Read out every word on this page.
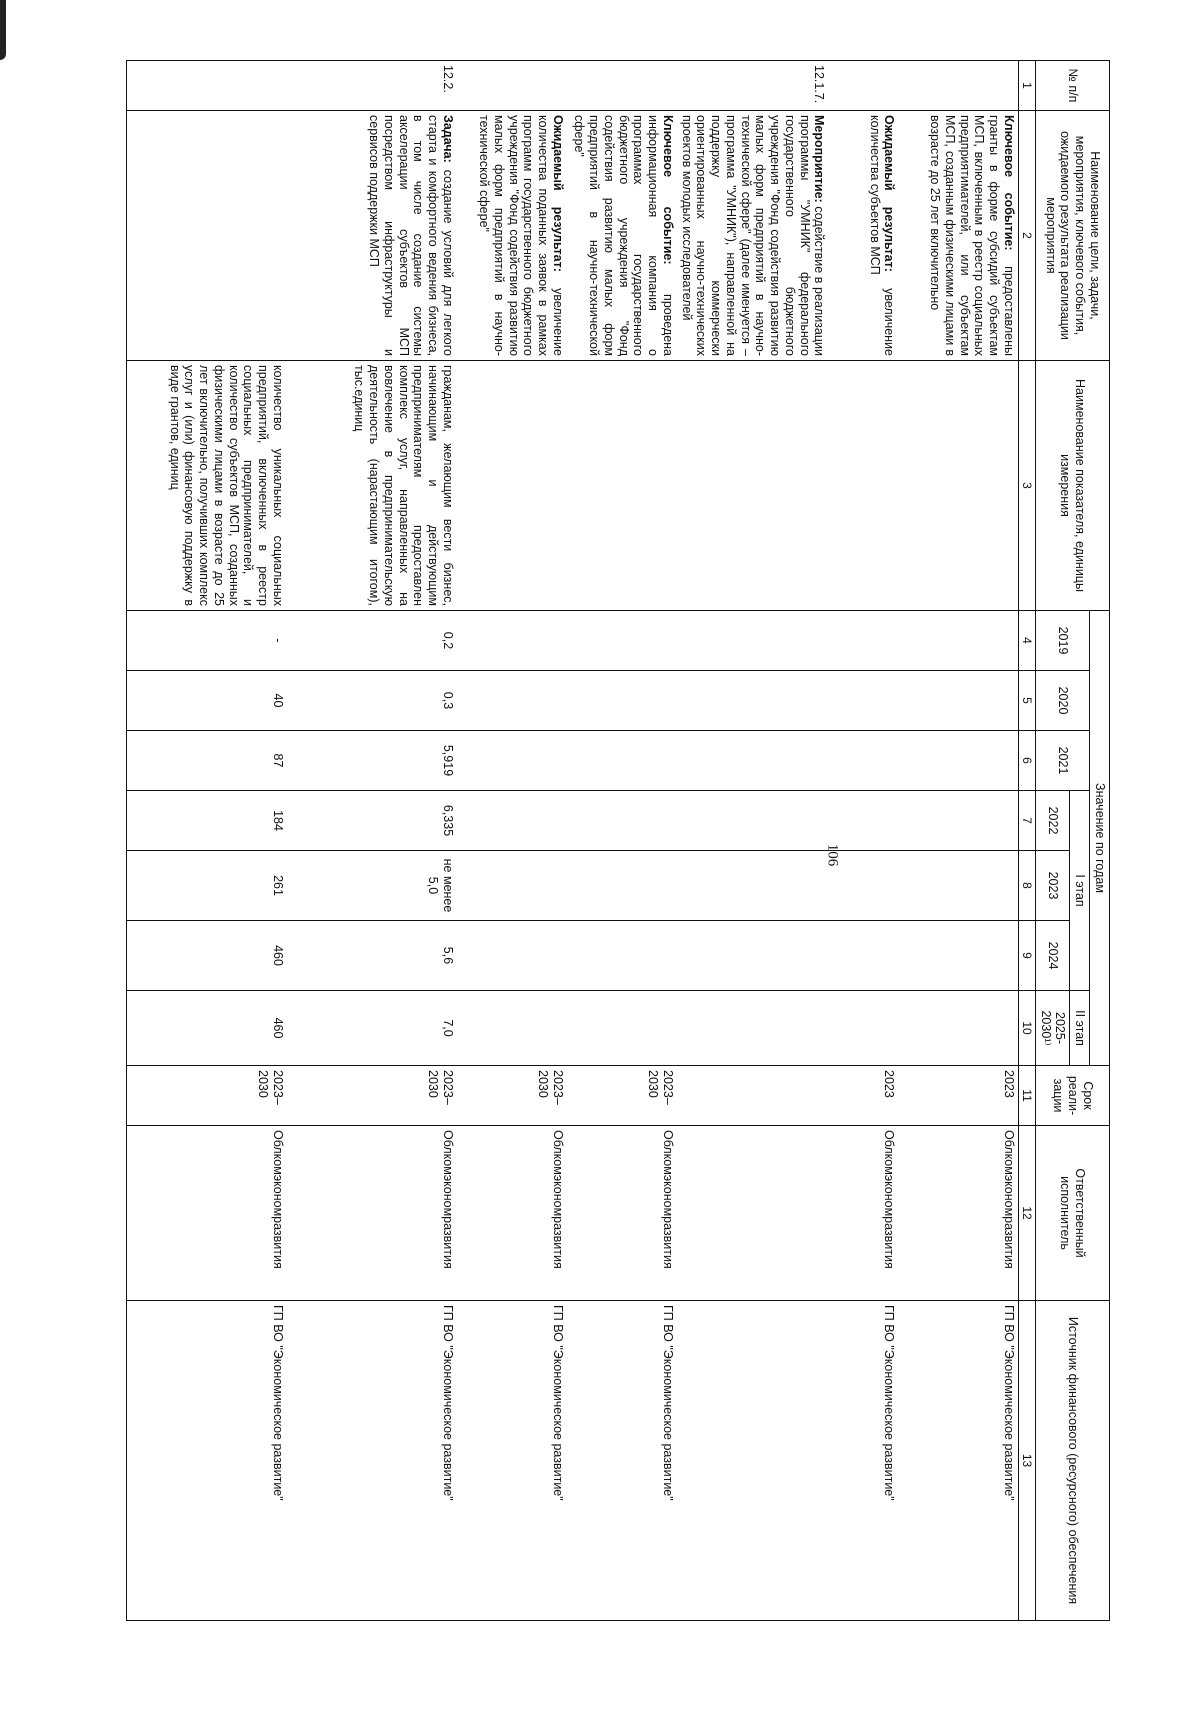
106
№ п/п	Наименование цели, задачи, мероприятия, ключевого события, ожидаемого результата реализации мероприятия	Наименование показателя, единицы измерения	Значение по годам							Срок реали-зации	Ответственный исполнитель	Источник финансового (ресурсного) обеспечения
			2019	2020	2021	I этап			II этап			
						2022	2023	2024	2025-2030¹⁾			
1	2	3	4	5	6	7	8	9	10	11	12	13
	Ключевое событие: предоставлены гранты в форме субсидий субъектам МСП, включенным в реестр социальных предприятимателей, или субъектам МСП, созданным физическими лицами в возрасте до 25 лет включительно									2023	Облкомэкономразвития	ГП ВО "Экономическое развитие"
	Ожидаемый результат: увеличение количества субъектов МСП									2023	Облкомэкономразвития	ГП ВО "Экономическое развитие"
12.1.7.	Мероприятие: содействие в реализации программы "УМНИК" федерального государственного бюджетного учреждения "Фонд содействия развитию малых форм предприятий в научно-технической сфере" (далее именуется – программа "УМНИК"), направленной на поддержку коммерчески ориентированных научно-технических проектов молодых исследователей											
	Ключевое событие: проведена информационная компания о программах государственного бюджетного учреждения "Фонд содействия развитию малых форм предприятий в научно-технической сфере"									2023–2030	Облкомэкономразвития	ГП ВО "Экономическое развитие"
	Ожидаемый результат: увеличение количества поданных заявок в рамках программ государственного бюджетного учреждения "Фонд содействия развитию малых форм предприятий в научно-технической сфере"									2023–2030	Облкомэкономразвития	ГП ВО "Экономическое развитие"
12.2.	Задача: создание условий для легкого старта и комфортного ведения бизнеса, в том числе создание системы акселерации субъектов МСП посредством инфраструктуры и сервисов поддержки МСП	гражданам, желающим вести бизнес, начинающим и действующим предпринимателям предоставлен комплекс услуг, направленных на вовлечение в предпринимательскую деятельность (нарастающим итогом), тыс.единиц	0,2	0,3	5,919	6,335	не менее 5,0	5,6	7,0	2023–2030	Облкомэкономразвития	ГП ВО "Экономическое развитие"
		количество уникальных социальных предприятий, включенных в реестр социальных предпринимателей, и количество субъектов МСП, созданных физическими лицами в возрасте до 25 лет включительно, получивших комплекс услуг и (или) финансовую поддержку в виде грантов, единиц	-	40	87	184	261	460	460	2023–2030	Облкомэкономразвития	ГП ВО "Экономическое развитие"
